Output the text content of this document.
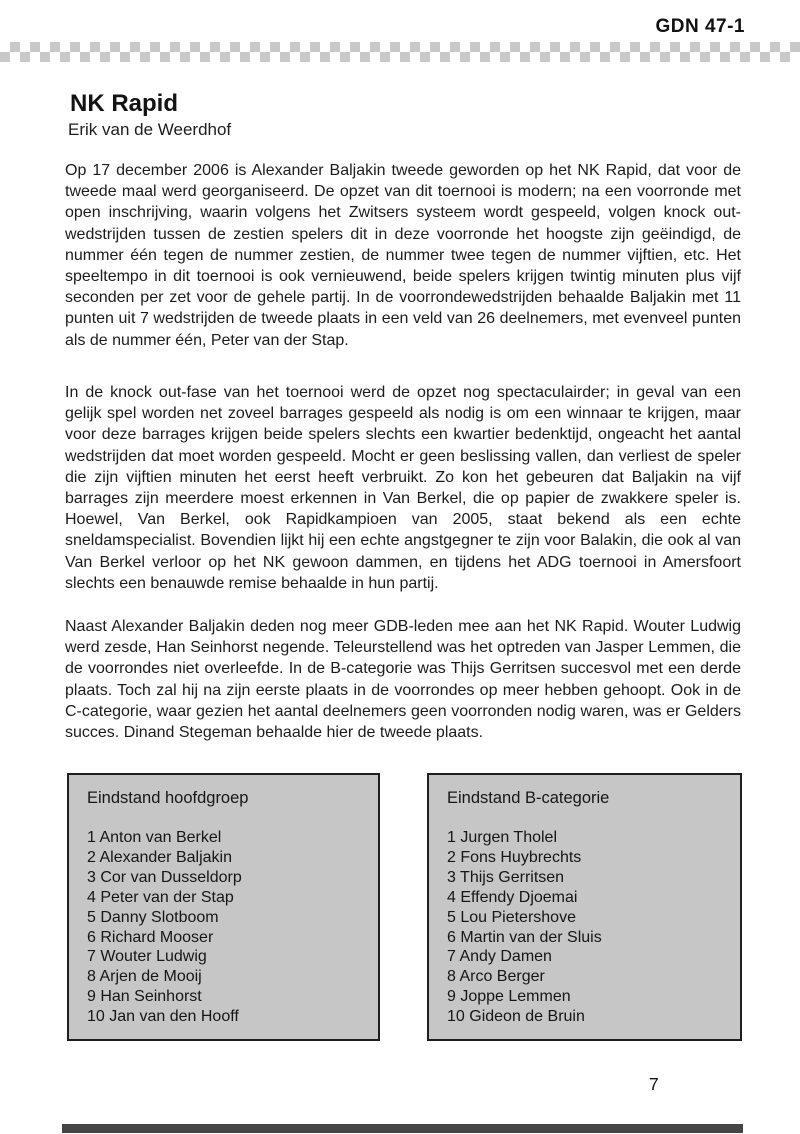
GDN 47-1
NK Rapid
Erik van de Weerdhof
Op 17 december 2006 is Alexander Baljakin tweede geworden op het NK Rapid, dat voor de tweede maal werd georganiseerd. De opzet van dit toernooi is modern; na een voorronde met open inschrijving, waarin volgens het Zwitsers systeem wordt gespeeld, volgen knock out-wedstrijden tussen de zestien spelers dit in deze voorronde het hoogste zijn geëindigd, de nummer één tegen de nummer zestien, de nummer twee tegen de nummer vijftien, etc. Het speeltempo in dit toernooi is ook vernieuwend, beide spelers krijgen twintig minuten plus vijf seconden per zet voor de gehele partij. In de voorrondewedstrijden behaalde Baljakin met 11 punten uit 7 wedstrijden de tweede plaats in een veld van 26 deelnemers, met evenveel punten als de nummer één, Peter van der Stap.
In de knock out-fase van het toernooi werd de opzet nog spectaculairder; in geval van een gelijk spel worden net zoveel barrages gespeeld als nodig is om een winnaar te krijgen, maar voor deze barrages krijgen beide spelers slechts een kwartier bedenktijd, ongeacht het aantal wedstrijden dat moet worden gespeeld. Mocht er geen beslissing vallen, dan verliest de speler die zijn vijftien minuten het eerst heeft verbruikt. Zo kon het gebeuren dat Baljakin na vijf barrages zijn meerdere moest erkennen in Van Berkel, die op papier de zwakkere speler is. Hoewel, Van Berkel, ook Rapidkampioen van 2005, staat bekend als een echte sneldamspecialist. Bovendien lijkt hij een echte angstgegner te zijn voor Balakin, die ook al van Van Berkel verloor op het NK gewoon dammen, en tijdens het ADG toernooi in Amersfoort slechts een benauwde remise behaalde in hun partij.
Naast Alexander Baljakin deden nog meer GDB-leden mee aan het NK Rapid. Wouter Ludwig werd zesde, Han Seinhorst negende. Teleurstellend was het optreden van Jasper Lemmen, die de voorrondes niet overleefde. In de B-categorie was Thijs Gerritsen succesvol met een derde plaats. Toch zal hij na zijn eerste plaats in de voorrondes op meer hebben gehoopt. Ook in de C-categorie, waar gezien het aantal deelnemers geen voorronden nodig waren, was er Gelders succes. Dinand Stegeman behaalde hier de tweede plaats.
Eindstand hoofdgroep
1 Anton van Berkel
2 Alexander Baljakin
3 Cor van Dusseldorp
4 Peter van der Stap
5 Danny Slotboom
6 Richard Mooser
7 Wouter Ludwig
8 Arjen de Mooij
9 Han Seinhorst
10 Jan van den Hooff
Eindstand B-categorie
1 Jurgen Tholel
2 Fons Huybrechts
3 Thijs Gerritsen
4 Effendy Djoemai
5 Lou Pietershove
6 Martin van der Sluis
7 Andy Damen
8 Arco Berger
9 Joppe Lemmen
10 Gideon de Bruin
7
